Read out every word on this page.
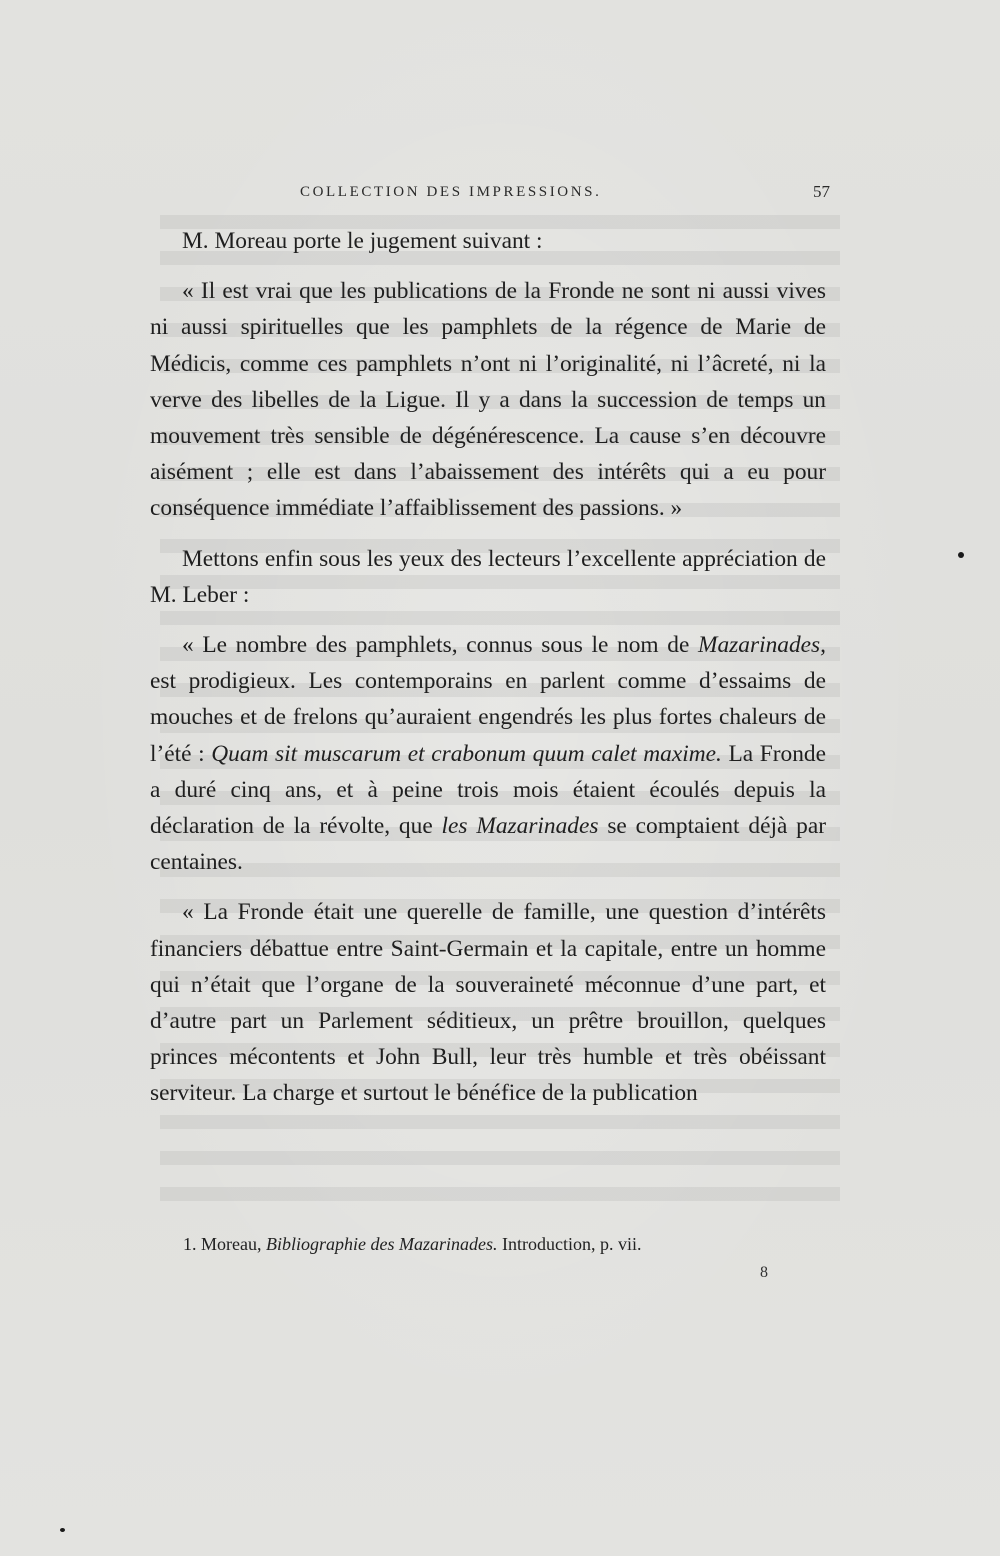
COLLECTION DES IMPRESSIONS.	57

M. Moreau porte le jugement suivant :

« Il est vrai que les publications de la Fronde ne sont ni aussi vives ni aussi spirituelles que les pamphlets de la régence de Marie de Médicis, comme ces pamphlets n’ont ni l’originalité, ni l’âcreté, ni la verve des libelles de la Ligue. Il y a dans la succession de temps un mouvement très sensible de dégénérescence. La cause s’en découvre aisément ; elle est dans l’abaissement des intérêts qui a eu pour conséquence immédiate l’affaiblissement des passions. »

Mettons enfin sous les yeux des lecteurs l’excellente appréciation de M. Leber :

« Le nombre des pamphlets, connus sous le nom de Mazarinades, est prodigieux. Les contemporains en parlent comme d’essaims de mouches et de frelons qu’auraient engendrés les plus fortes chaleurs de l’été : Quam sit muscarum et crabonum quum calet maxime. La Fronde a duré cinq ans, et à peine trois mois étaient écoulés depuis la déclaration de la révolte, que les Mazarinades se comptaient déjà par centaines.

« La Fronde était une querelle de famille, une question d’intérêts financiers débattue entre Saint-Germain et la capitale, entre un homme qui n’était que l’organe de la souveraineté méconnue d’une part, et d’autre part un Parlement séditieux, un prêtre brouillon, quelques princes mécontents et John Bull, leur très humble et très obéissant serviteur. La charge et surtout le bénéfice de la publication

1. Moreau, Bibliographie des Mazarinades. Introduction, p. vii.
8
